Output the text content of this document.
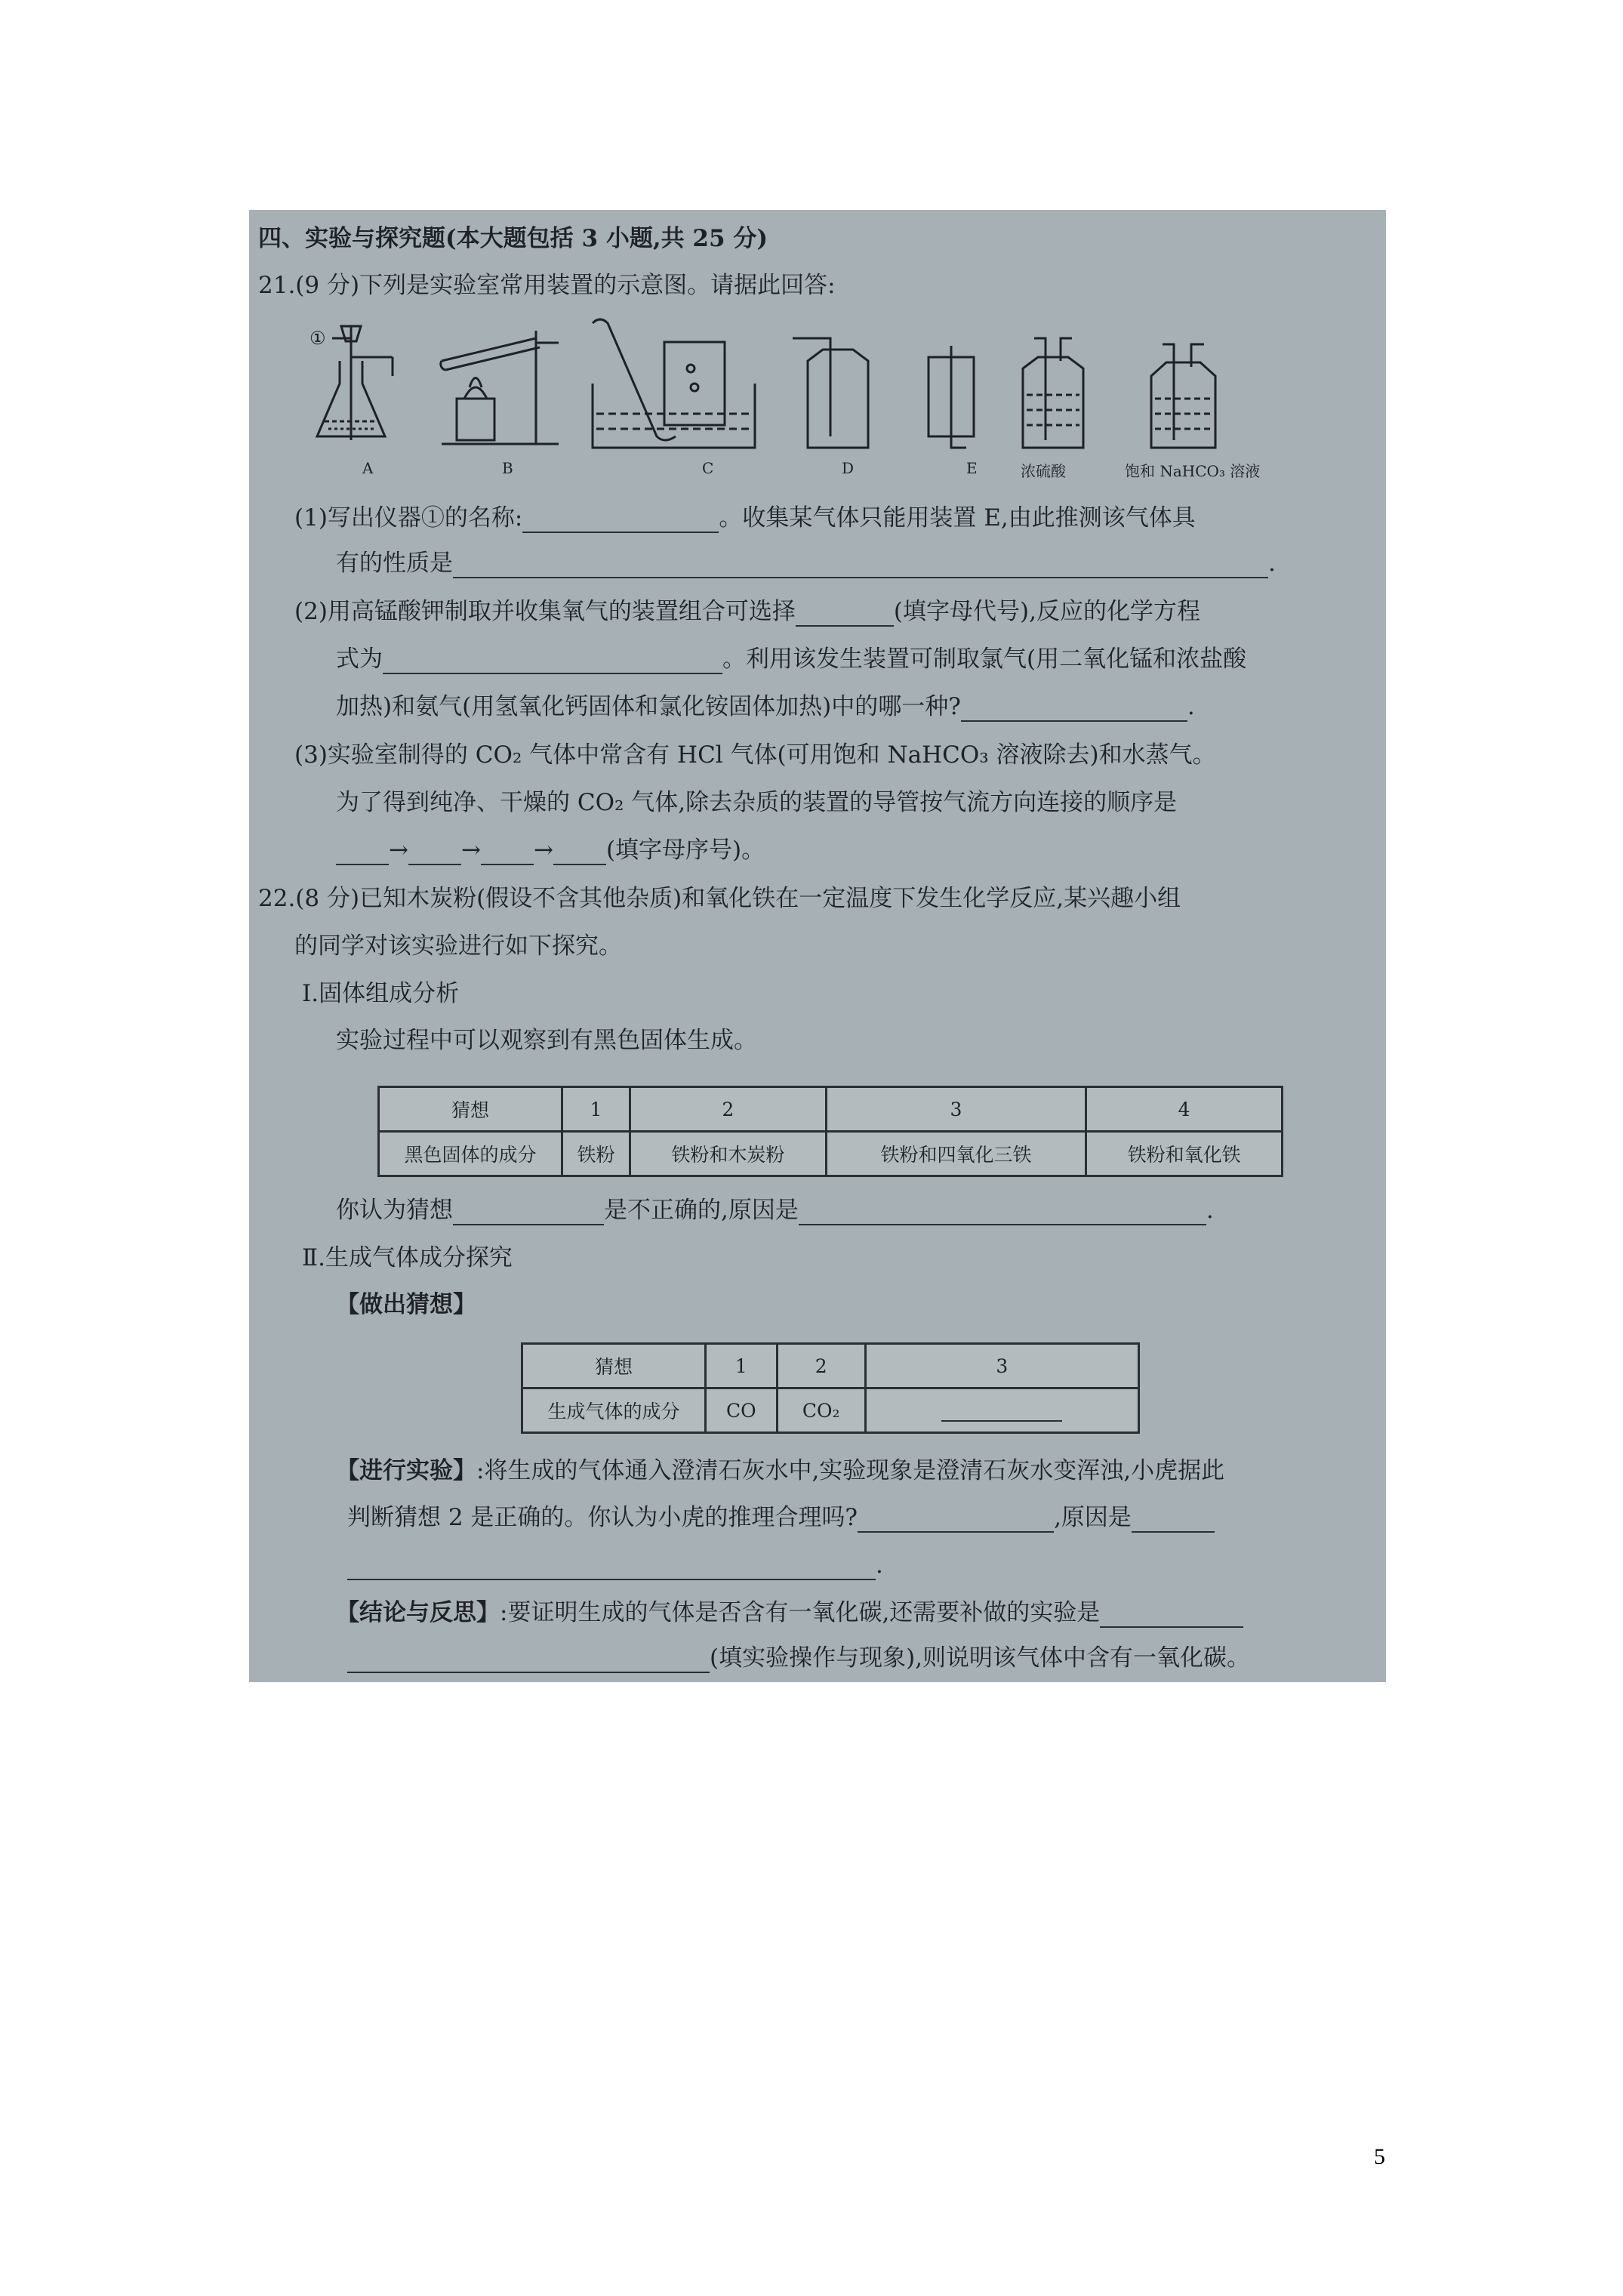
四、实验与探究题(本大题包括 3 小题,共 25 分)
21.(9 分)下列是实验室常用装置的示意图。请据此回答:
①
A	B	C	D	E	浓硫酸	饱和 NaHCO₃ 溶液
(1)写出仪器①的名称:	。收集某气体只能用装置 E,由此推测该气体具
有的性质是	.
(2)用高锰酸钾制取并收集氧气的装置组合可选择	(填字母代号),反应的化学方程
式为	。利用该发生装置可制取氯气(用二氧化锰和浓盐酸
加热)和氨气(用氢氧化钙固体和氯化铵固体加热)中的哪一种?	.
(3)实验室制得的 CO₂ 气体中常含有 HCl 气体(可用饱和 NaHCO₃ 溶液除去)和水蒸气。
为了得到纯净、干燥的 CO₂ 气体,除去杂质的装置的导管按气流方向连接的顺序是
→ → → (填字母序号)。
22.(8 分)已知木炭粉(假设不含其他杂质)和氧化铁在一定温度下发生化学反应,某兴趣小组
的同学对该实验进行如下探究。
Ⅰ.固体组成分析
实验过程中可以观察到有黑色固体生成。
猜想	1	2	3	4
黑色固体的成分	铁粉	铁粉和木炭粉	铁粉和四氧化三铁	铁粉和氧化铁
你认为猜想	是不正确的,原因是	.
Ⅱ.生成气体成分探究
【做出猜想】
猜想	1	2	3
生成气体的成分	CO	CO₂	
【进行实验】:将生成的气体通入澄清石灰水中,实验现象是澄清石灰水变浑浊,小虎据此
判断猜想 2 是正确的。你认为小虎的推理合理吗?	,原因是
.
【结论与反思】:要证明生成的气体是否含有一氧化碳,还需要补做的实验是
(填实验操作与现象),则说明该气体中含有一氧化碳。
5
